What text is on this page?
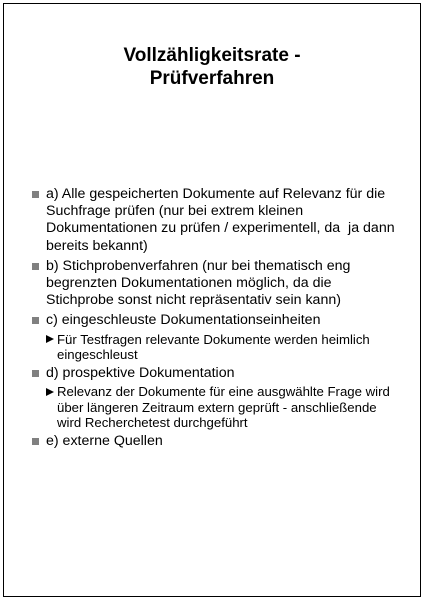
Vollzähligkeitsrate -
Prüfverfahren
a) Alle gespeicherten Dokumente auf Relevanz für die Suchfrage prüfen (nur bei extrem kleinen Dokumentationen zu prüfen / experimentell, da  ja dann bereits bekannt)
b) Stichprobenverfahren (nur bei thematisch eng begrenzten Dokumentationen möglich, da die Stichprobe sonst nicht repräsentativ sein kann)
c) eingeschleuste Dokumentationseinheiten
Für Testfragen relevante Dokumente werden heimlich eingeschleust
d) prospektive Dokumentation
Relevanz der Dokumente für eine ausgwählte Frage wird über längeren Zeitraum extern geprüft - anschließende wird Recherchetest durchgeführt
e) externe Quellen
